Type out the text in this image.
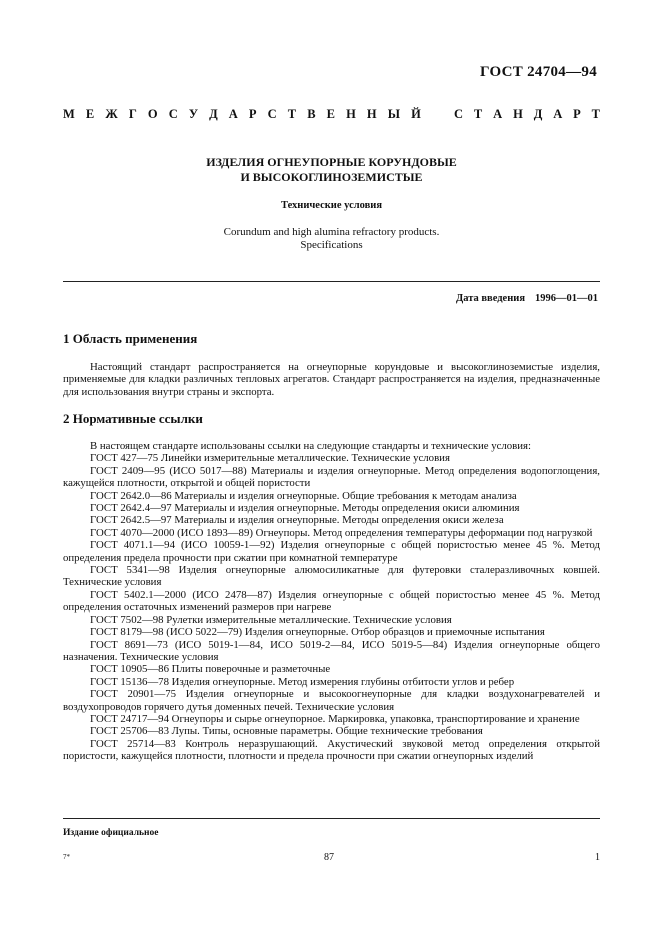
ГОСТ 24704—94
М Е Ж Г О С У Д А Р С Т В Е Н Н Ы Й	С Т А Н Д А Р Т
ИЗДЕЛИЯ ОГНЕУПОРНЫЕ КОРУНДОВЫЕ
И ВЫСОКОГЛИНОЗЕМИСТЫЕ
Технические условия
Corundum and high alumina refractory products.
Specifications
Дата введения 1996—01—01
1 Область применения

Настоящий стандарт распространяется на огнеупорные корундовые и высокоглиноземистые изделия, применяемые для кладки различных тепловых агрегатов. Стандарт распространяется на изделия, предназначенные для использования внутри страны и экспорта.

2 Нормативные ссылки

В настоящем стандарте использованы ссылки на следующие стандарты и технические условия:

ГОСТ 427—75 Линейки измерительные металлические. Технические условия

ГОСТ 2409—95 (ИСО 5017—88) Материалы и изделия огнеупорные. Метод определения водопоглощения, кажущейся плотности, открытой и общей пористости

ГОСТ 2642.0—86 Материалы и изделия огнеупорные. Общие требования к методам анализа

ГОСТ 2642.4—97 Материалы и изделия огнеупорные. Методы определения окиси алюминия

ГОСТ 2642.5—97 Материалы и изделия огнеупорные. Методы определения окиси железа

ГОСТ 4070—2000 (ИСО 1893—89) Огнеупоры. Метод определения температуры деформации под нагрузкой

ГОСТ 4071.1—94 (ИСО 10059-1—92) Изделия огнеупорные с общей пористостью менее 45 %. Метод определения предела прочности при сжатии при комнатной температуре

ГОСТ 5341—98 Изделия огнеупорные алюмосиликатные для футеровки сталеразливочных ковшей. Технические условия

ГОСТ 5402.1—2000 (ИСО 2478—87) Изделия огнеупорные с общей пористостью менее 45 %. Метод определения остаточных изменений размеров при нагреве

ГОСТ 7502—98 Рулетки измерительные металлические. Технические условия

ГОСТ 8179—98 (ИСО 5022—79) Изделия огнеупорные. Отбор образцов и приемочные испытания

ГОСТ 8691—73 (ИСО 5019-1—84, ИСО 5019-2—84, ИСО 5019-5—84) Изделия огнеупорные общего назначения. Технические условия

ГОСТ 10905—86 Плиты поверочные и разметочные

ГОСТ 15136—78 Изделия огнеупорные. Метод измерения глубины отбитости углов и ребер

ГОСТ 20901—75 Изделия огнеупорные и высокоогнеупорные для кладки воздухонагревателей и воздухопроводов горячего дутья доменных печей. Технические условия

ГОСТ 24717—94 Огнеупоры и сырье огнеупорное. Маркировка, упаковка, транспортирование и хранение

ГОСТ 25706—83 Лупы. Типы, основные параметры. Общие технические требования

ГОСТ 25714—83 Контроль неразрушающий. Акустический звуковой метод определения открытой пористости, кажущейся плотности, плотности и предела прочности при сжатии огнеупорных изделий

Издание официальное
7*	87	1
